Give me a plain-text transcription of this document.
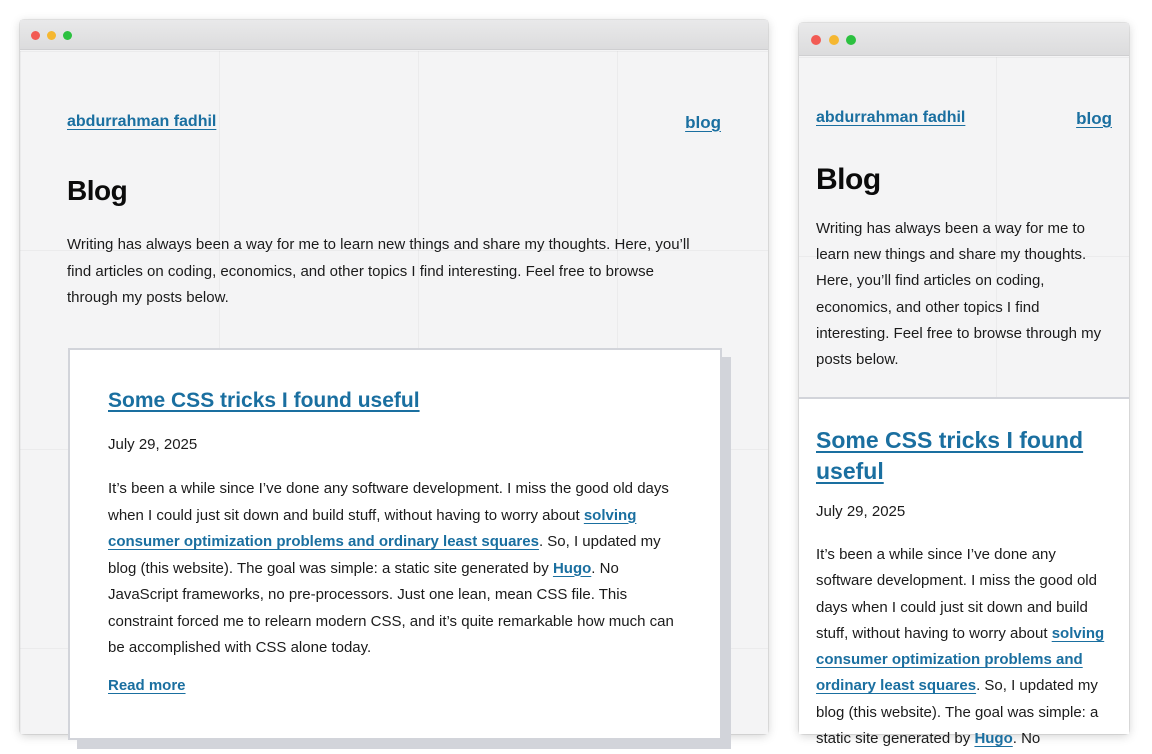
abdurrahman fadhil	blog
Blog

Writing has always been a way for me to learn new things and share my thoughts. Here, you’ll find articles on coding, economics, and other topics I find interesting. Feel free to browse through my posts below.

Some CSS tricks I found useful
July 29, 2025

It’s been a while since I’ve done any software development. I miss the good old days when I could just sit down and build stuff, without having to worry about solving consumer optimization problems and ordinary least squares. So, I updated my blog (this website). The goal was simple: a static site generated by Hugo. No JavaScript frameworks, no pre-processors. Just one lean, mean CSS file. This constraint forced me to relearn modern CSS, and it’s quite remarkable how much can be accomplished with CSS alone today.

Read more
abdurrahman fadhil	blog
Blog

Writing has always been a way for me to learn new things and share my thoughts. Here, you’ll find articles on coding, economics, and other topics I find interesting. Feel free to browse through my posts below.

Some CSS tricks I found useful
July 29, 2025

It’s been a while since I’ve done any software development. I miss the good old days when I could just sit down and build stuff, without having to worry about solving consumer optimization problems and ordinary least squares. So, I updated my blog (this website). The goal was simple: a static site generated by Hugo. No
